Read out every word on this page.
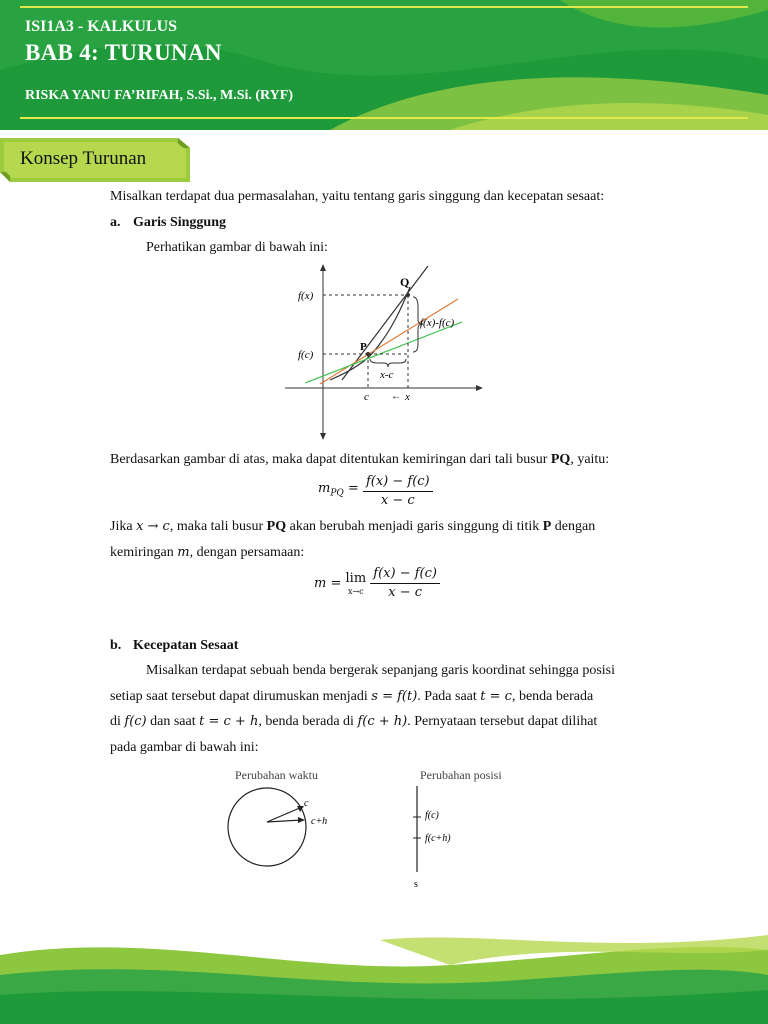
ISI1A3 - KALKULUS
BAB 4: TURUNAN
RISKA YANU FA’RIFAH, S.Si., M.Si. (RYF)
Konsep Turunan
Misalkan terdapat dua permasalahan, yaitu tentang garis singgung dan kecepatan sesaat:
a. Garis Singgung
Perhatikan gambar di bawah ini:
f(x)
f(c)
Q
P
f(x)-f(c)
x-c
c ← x
Berdasarkan gambar di atas, maka dapat ditentukan kemiringan dari tali busur PQ, yaitu:
$m_{PQ} = \frac{f(x) - f(c)}{x - c}$
Jika x → c, maka tali busur PQ akan berubah menjadi garis singgung di titik P dengan
kemiringan m, dengan persamaan:
m = lim
x→c
$\frac{f(x) - f(c)}{x - c}$
b. Kecepatan Sesaat
Misalkan terdapat sebuah benda bergerak sepanjang garis koordinat sehingga posisi
setiap saat tersebut dapat dirumuskan menjadi s = f(t). Pada saat t = c, benda berada
di f(c) dan saat t = c + h, benda berada di f(c + h). Pernyataan tersebut dapat dilihat
pada gambar di bawah ini:
Perubahan waktu	Perubahan posisi
c
c+h
f(c)
f(c+h)
s
